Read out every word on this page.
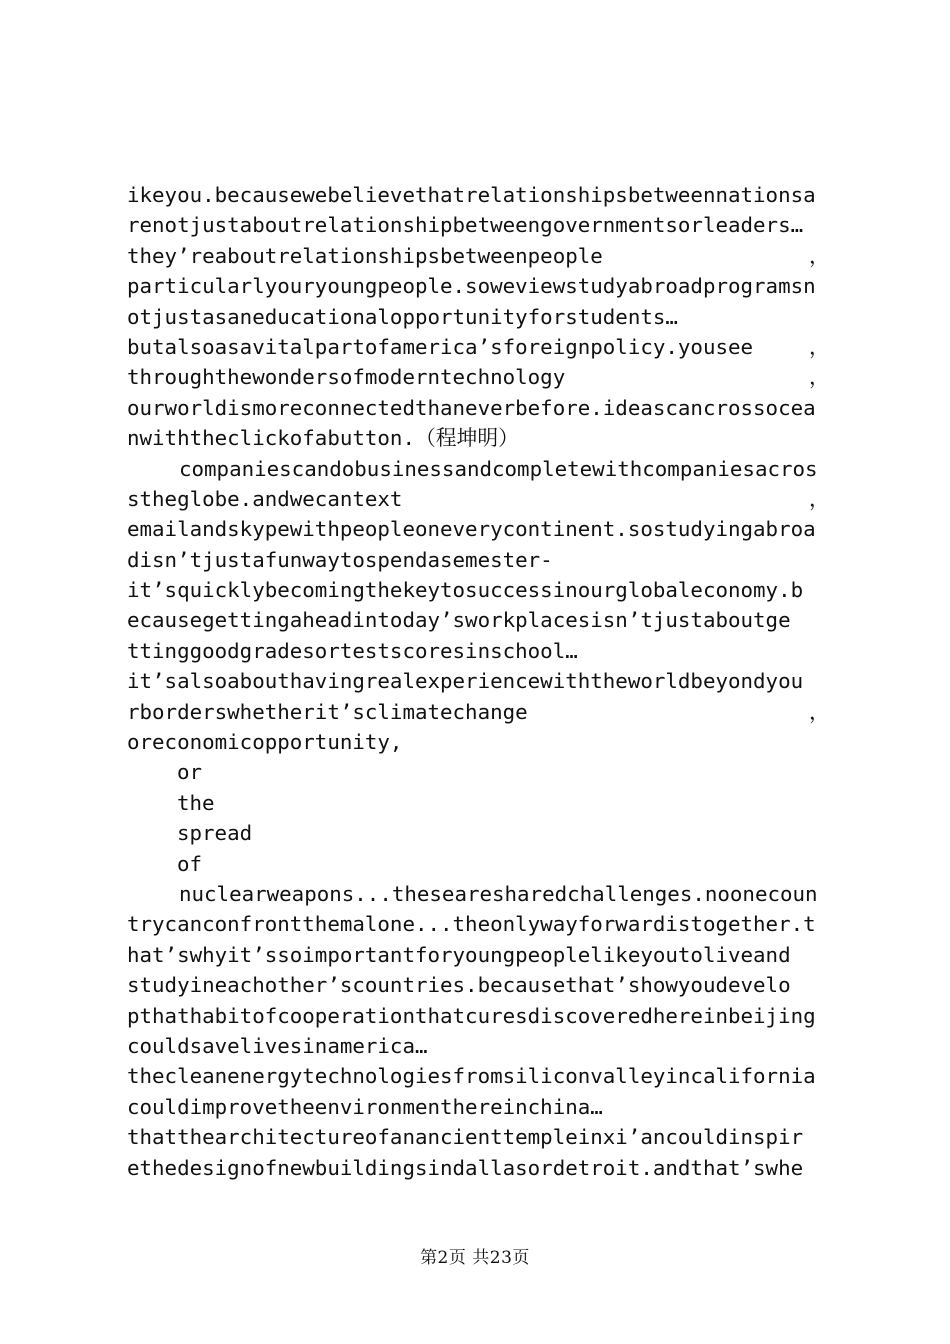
ikeyou.becausewebelievethatrelationshipsbetweennationsa
renotjustaboutrelationshipbetweengovernmentsorleaders…
they’reaboutrelationshipsbetweenpeople	，
particularlyouryoungpeople.soweviewstudyabroadprogramsn
otjustasaneducationalopportunityforstudents…
butalsoasavitalpartofamerica’sforeignpolicy.yousee	，
throughthewondersofmoderntechnology	，
ourworldismoreconnectedthaneverbefore.ideascancrossocea
nwiththeclickofabutton.（程坤明）
companiescandobusinessandcompletewithcompaniesacros
stheglobe.andwecantext	，
emailandskypewithpeopleoneverycontinent.sostudyingabroa
disn’tjustafunwaytospendasemester-
it’squicklybecomingthekeytosuccessinourglobaleconomy.b
ecausegettingaheadintoday’sworkplacesisn’tjustaboutge
ttinggoodgradesortestscoresinschool…
it’salsoabouthavingrealexperiencewiththeworldbeyondyou
rborderswhetherit’sclimatechange	，
oreconomicopportunity,
or
the
spread
of
nuclearweapons...thesearesharedchallenges.noonecoun
trycanconfrontthemalone...theonlywayforwardistogether.t
hat’swhyit’ssoimportantforyoungpeoplelikeyoutoliveand
studyineachother’scountries.becausethat’showyoudevelo
pthathabitofcooperationthatcuresdiscoveredhereinbeijing
couldsavelivesinamerica…
thecleanenergytechnologiesfromsiliconvalleyincalifornia
couldimprovetheenvironmenthereinchina…
thatthearchitectureofanancienttempleinxi’ancouldinspir
ethedesignofnewbuildingsindallasordetroit.andthat’swhe
第2页 共23页
